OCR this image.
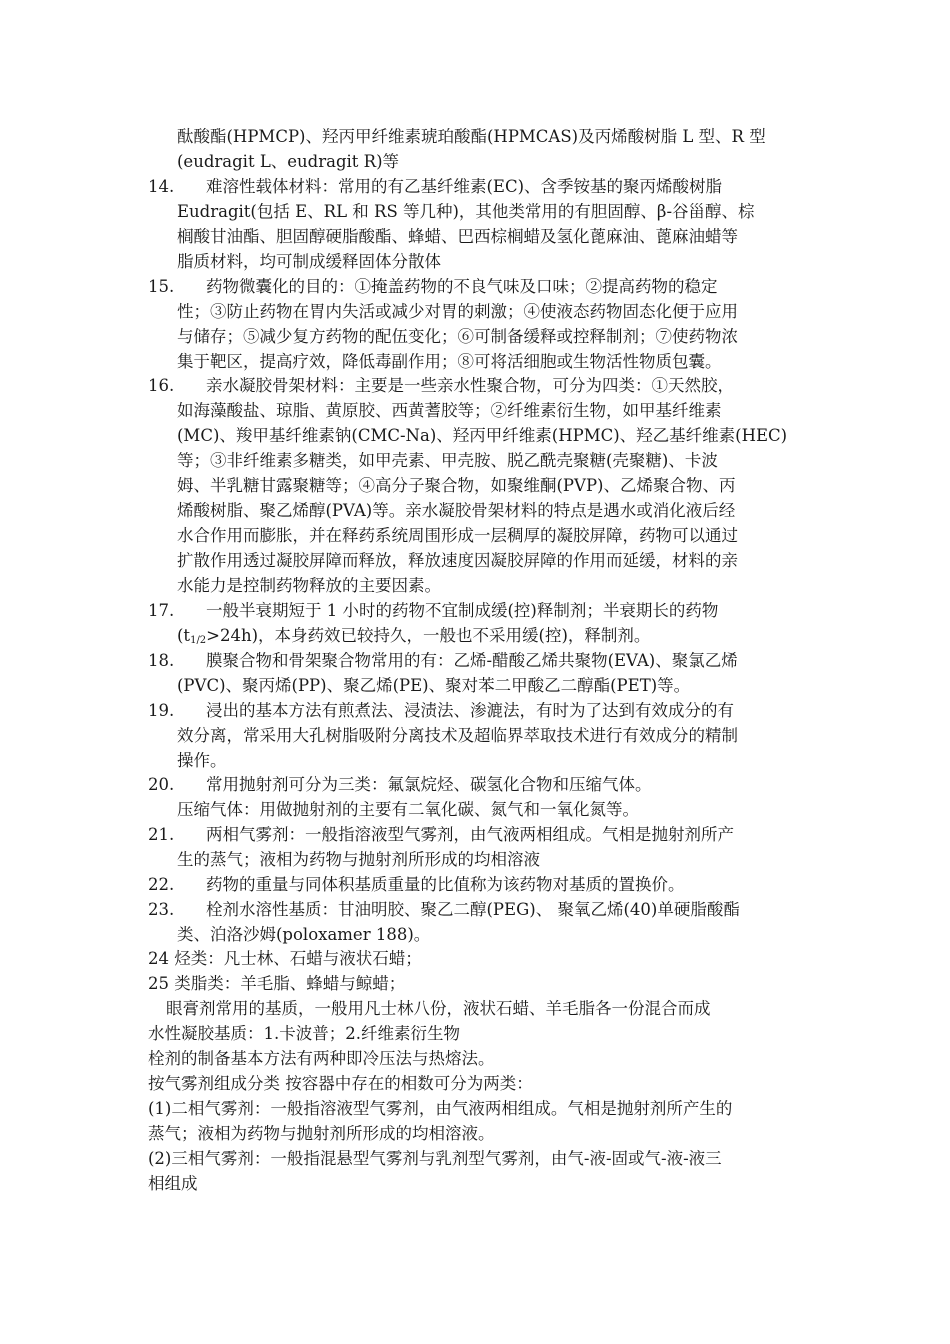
酞酸酯(HPMCP)、羟丙甲纤维素琥珀酸酯(HPMCAS)及丙烯酸树脂 L 型、R 型
(eudragit L、eudragit R)等
14.	难溶性载体材料：常用的有乙基纤维素(EC)、含季铵基的聚丙烯酸树脂
Eudragit(包括 E、RL 和 RS 等几种)，其他类常用的有胆固醇、β-谷甾醇、棕
榈酸甘油酯、胆固醇硬脂酸酯、蜂蜡、巴西棕榈蜡及氢化蓖麻油、蓖麻油蜡等
脂质材料，均可制成缓释固体分散体
15.	药物微囊化的目的：①掩盖药物的不良气味及口味；②提高药物的稳定
性；③防止药物在胃内失活或减少对胃的刺激；④使液态药物固态化便于应用
与储存；⑤减少复方药物的配伍变化；⑥可制备缓释或控释制剂；⑦使药物浓
集于靶区，提高疗效，降低毒副作用；⑧可将活细胞或生物活性物质包囊。
16.	亲水凝胶骨架材料：主要是一些亲水性聚合物，可分为四类：①天然胶，
如海藻酸盐、琼脂、黄原胶、西黄蓍胶等；②纤维素衍生物，如甲基纤维素
(MC)、羧甲基纤维素钠(CMC-Na)、羟丙甲纤维素(HPMC)、羟乙基纤维素(HEC)
等；③非纤维素多糖类，如甲壳素、甲壳胺、脱乙酰壳聚糖(壳聚糖)、卡波
姆、半乳糖甘露聚糖等；④高分子聚合物，如聚维酮(PVP)、乙烯聚合物、丙
烯酸树脂、聚乙烯醇(PVA)等。亲水凝胶骨架材料的特点是遇水或消化液后经
水合作用而膨胀，并在释药系统周围形成一层稠厚的凝胶屏障，药物可以通过
扩散作用透过凝胶屏障而释放，释放速度因凝胶屏障的作用而延缓，材料的亲
水能力是控制药物释放的主要因素。
17.	一般半衰期短于 1 小时的药物不宜制成缓(控)释制剂；半衰期长的药物
$(t_{1/2}>24h)$，本身药效已较持久，一般也不采用缓(控)，释制剂。
18.	膜聚合物和骨架聚合物常用的有：乙烯-醋酸乙烯共聚物(EVA)、聚氯乙烯
(PVC)、聚丙烯(PP)、聚乙烯(PE)、聚对苯二甲酸乙二醇酯(PET)等。
19.	浸出的基本方法有煎煮法、浸渍法、渗漉法，有时为了达到有效成分的有
效分离，常采用大孔树脂吸附分离技术及超临界萃取技术进行有效成分的精制
操作。
20.	常用抛射剂可分为三类：氟氯烷烃、碳氢化合物和压缩气体。
压缩气体：用做抛射剂的主要有二氧化碳、氮气和一氧化氮等。
21.	两相气雾剂：一般指溶液型气雾剂，由气液两相组成。气相是抛射剂所产
生的蒸气；液相为药物与抛射剂所形成的均相溶液
22.	药物的重量与同体积基质重量的比值称为该药物对基质的置换价。
23.	栓剂水溶性基质：甘油明胶、聚乙二醇(PEG)、 聚氧乙烯(40)单硬脂酸酯
类、泊洛沙姆(poloxamer 188)。
24 烃类：凡士林、石蜡与液状石蜡；
25 类脂类：羊毛脂、蜂蜡与鲸蜡；
眼膏剂常用的基质，一般用凡士林八份，液状石蜡、羊毛脂各一份混合而成
水性凝胶基质：1.卡波普；2.纤维素衍生物
栓剂的制备基本方法有两种即冷压法与热熔法。
按气雾剂组成分类 按容器中存在的相数可分为两类：
(1)二相气雾剂：一般指溶液型气雾剂，由气液两相组成。气相是抛射剂所产生的
蒸气；液相为药物与抛射剂所形成的均相溶液。
(2)三相气雾剂：一般指混悬型气雾剂与乳剂型气雾剂，由气-液-固或气-液-液三
相组成
